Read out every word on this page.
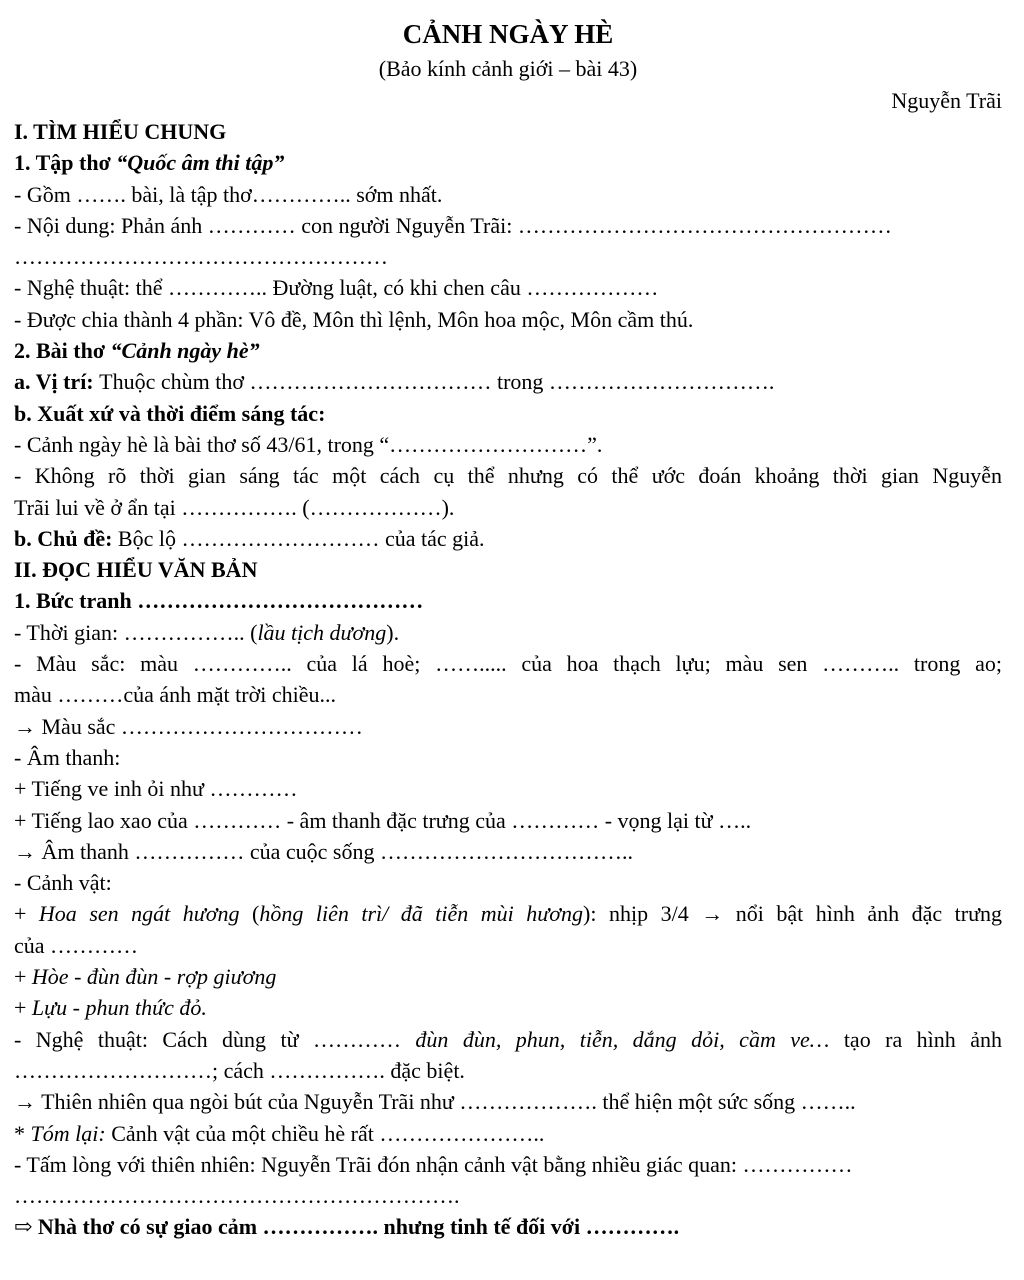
CẢNH NGÀY HÈ
(Bảo kính cảnh giới – bài 43)
Nguyễn Trãi
I. TÌM HIỂU CHUNG
1. Tập thơ “Quốc âm thi tập”
- Gồm ……. bài, là tập thơ………….. sớm nhất.
- Nội dung: Phản ánh ………… con người Nguyễn Trãi: ……………………………………………
……………………………………………
- Nghệ thuật: thể ………….. Đường luật, có khi chen câu ………………
- Được chia thành 4 phần: Vô đề, Môn thì lệnh, Môn hoa mộc, Môn cầm thú.
2. Bài thơ “Cảnh ngày hè”
a. Vị trí: Thuộc chùm thơ …………………………… trong ………………………….
b. Xuất xứ và thời điểm sáng tác:
- Cảnh ngày hè là bài thơ số 43/61, trong “………………………”.
- Không rõ thời gian sáng tác một cách cụ thể nhưng có thể ước đoán khoảng thời gian Nguyễn
Trãi lui về ở ẩn tại ……………. (………………).
b. Chủ đề: Bộc lộ ……………………… của tác giả.
II. ĐỌC HIỂU VĂN BẢN
1. Bức tranh …………………………………
- Thời gian: …………….. (lầu tịch dương).
- Màu sắc: màu ………….. của lá hoè; ……..... của hoa thạch lựu; màu sen ……….. trong ao;
màu ………của ánh mặt trời chiều...
→ Màu sắc ……………………………
- Âm thanh:
+ Tiếng ve inh ỏi như …………
+ Tiếng lao xao của ………… - âm thanh đặc trưng của ………… - vọng lại từ …..
→ Âm thanh …………… của cuộc sống ……………………………..
- Cảnh vật:
+ Hoa sen ngát hương (hồng liên trì/ đã tiễn mùi hương): nhịp 3/4 → nổi bật hình ảnh đặc trưng
của …………
+ Hòe - đùn đùn - rợp giương
+ Lựu - phun thức đỏ.
- Nghệ thuật: Cách dùng từ ………… đùn đùn, phun, tiễn, dắng dỏi, cầm ve… tạo ra hình ảnh
………………………; cách ……………. đặc biệt.
→ Thiên nhiên qua ngòi bút của Nguyễn Trãi như ………………. thể hiện một sức sống ……..
* Tóm lại: Cảnh vật của một chiều hè rất …………………..
- Tấm lòng với thiên nhiên: Nguyễn Trãi đón nhận cảnh vật bằng nhiều giác quan: ……………
…………………………………………………….
⇨ Nhà thơ có sự giao cảm ……………. nhưng tinh tế đối với ………….
